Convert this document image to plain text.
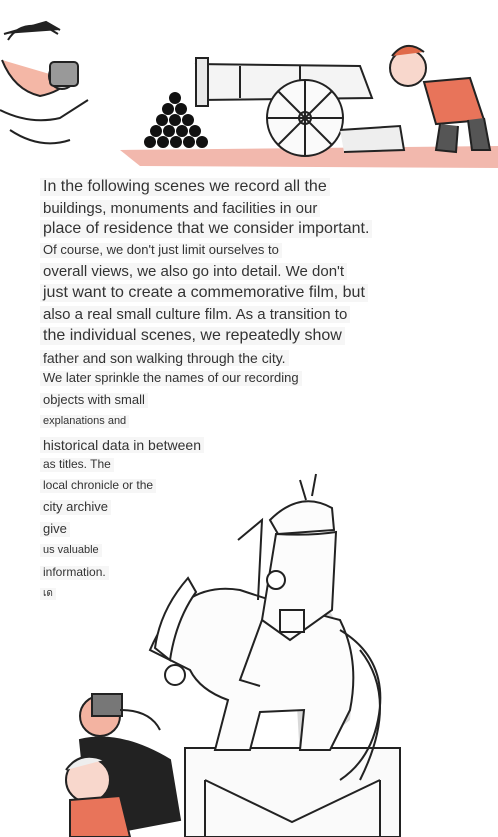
In the following scenes we record all the
buildings, monuments and facilities in our
place of residence that we consider important.
Of course, we don't just limit ourselves to
overall views, we also go into detail. We don't
just want to create a commemorative film, but
also a real small culture film. As a transition to
the individual scenes, we repeatedly show
father and son walking through the city.
We later sprinkle the names of our recording
objects with small
explanations and
historical data in between
as titles. The
local chronicle or the
city archive
give
us valuable
information.
เด
